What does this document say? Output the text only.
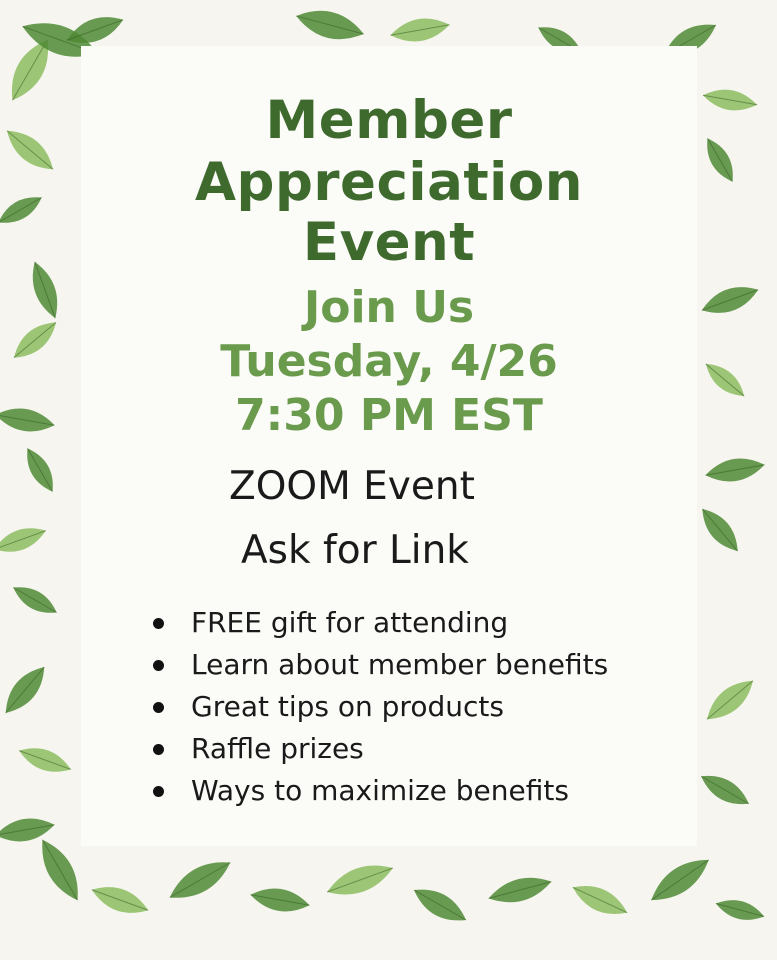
Member
Appreciation
Event
Join Us
Tuesday, 4/26
7:30 PM EST
ZOOM Event
Ask for Link
FREE gift for attending
Learn about member benefits
Great tips on products
Raffle prizes
Ways to maximize benefits
